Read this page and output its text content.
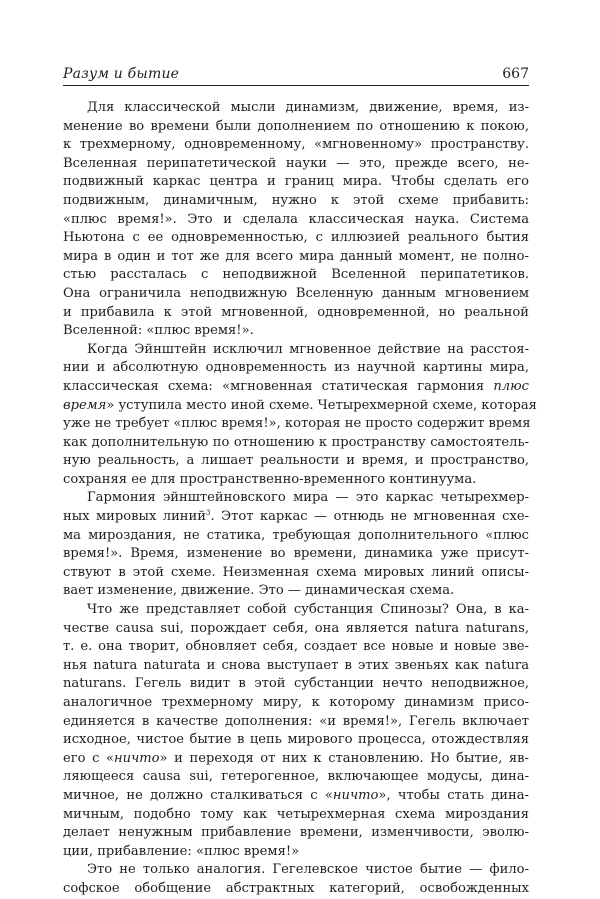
Разум и бытие	667
Для классической мысли динамизм, движение, время, из-
менение во времени были дополнением по отношению к покою,
к трехмерному, одновременному, «мгновенному» пространству.
Вселенная перипатетической науки — это, прежде всего, не-
подвижный каркас центра и границ мира. Чтобы сделать его
подвижным, динамичным, нужно к этой схеме прибавить:
«плюс время!». Это и сделала классическая наука. Система
Ньютона с ее одновременностью, с иллюзией реального бытия
мира в один и тот же для всего мира данный момент, не полно-
стью рассталась с неподвижной Вселенной перипатетиков.
Она ограничила неподвижную Вселенную данным мгновением
и прибавила к этой мгновенной, одновременной, но реальной
Вселенной: «плюс время!».
Когда Эйнштейн исключил мгновенное действие на расстоя-
нии и абсолютную одновременность из научной картины мира,
классическая схема: «мгновенная статическая гармония плюс
время» уступила место иной схеме. Четырехмерной схеме, которая
уже не требует «плюс время!», которая не просто содержит время
как дополнительную по отношению к пространству самостоятель-
ную реальность, а лишает реальности и время, и пространство,
сохраняя ее для пространственно-временного континуума.
Гармония эйнштейновского мира — это каркас четырехмер-
ных мировых линий$^3$. Этот каркас — отнюдь не мгновенная схе-
ма мироздания, не статика, требующая дополнительного «плюс
время!». Время, изменение во времени, динамика уже присут-
ствуют в этой схеме. Неизменная схема мировых линий описы-
вает изменение, движение. Это — динамическая схема.
Что же представляет собой субстанция Спинозы? Она, в ка-
честве causa sui, порождает себя, она является natura naturans,
т. е. она творит, обновляет себя, создает все новые и новые зве-
нья natura naturata и снова выступает в этих звеньях как natura
naturans. Гегель видит в этой субстанции нечто неподвижное,
аналогичное трехмерному миру, к которому динамизм присо-
единяется в качестве дополнения: «и время!», Гегель включает
исходное, чистое бытие в цепь мирового процесса, отождествляя
его с «ничто» и переходя от них к становлению. Но бытие, яв-
ляющееся causa sui, гетерогенное, включающее модусы, дина-
мичное, не должно сталкиваться с «ничто», чтобы стать дина-
мичным, подобно тому как четырехмерная схема мироздания
делает ненужным прибавление времени, изменчивости, эволю-
ции, прибавление: «плюс время!»
Это не только аналогия. Гегелевское чистое бытие — фило-
софское обобщение абстрактных категорий, освобожденных
